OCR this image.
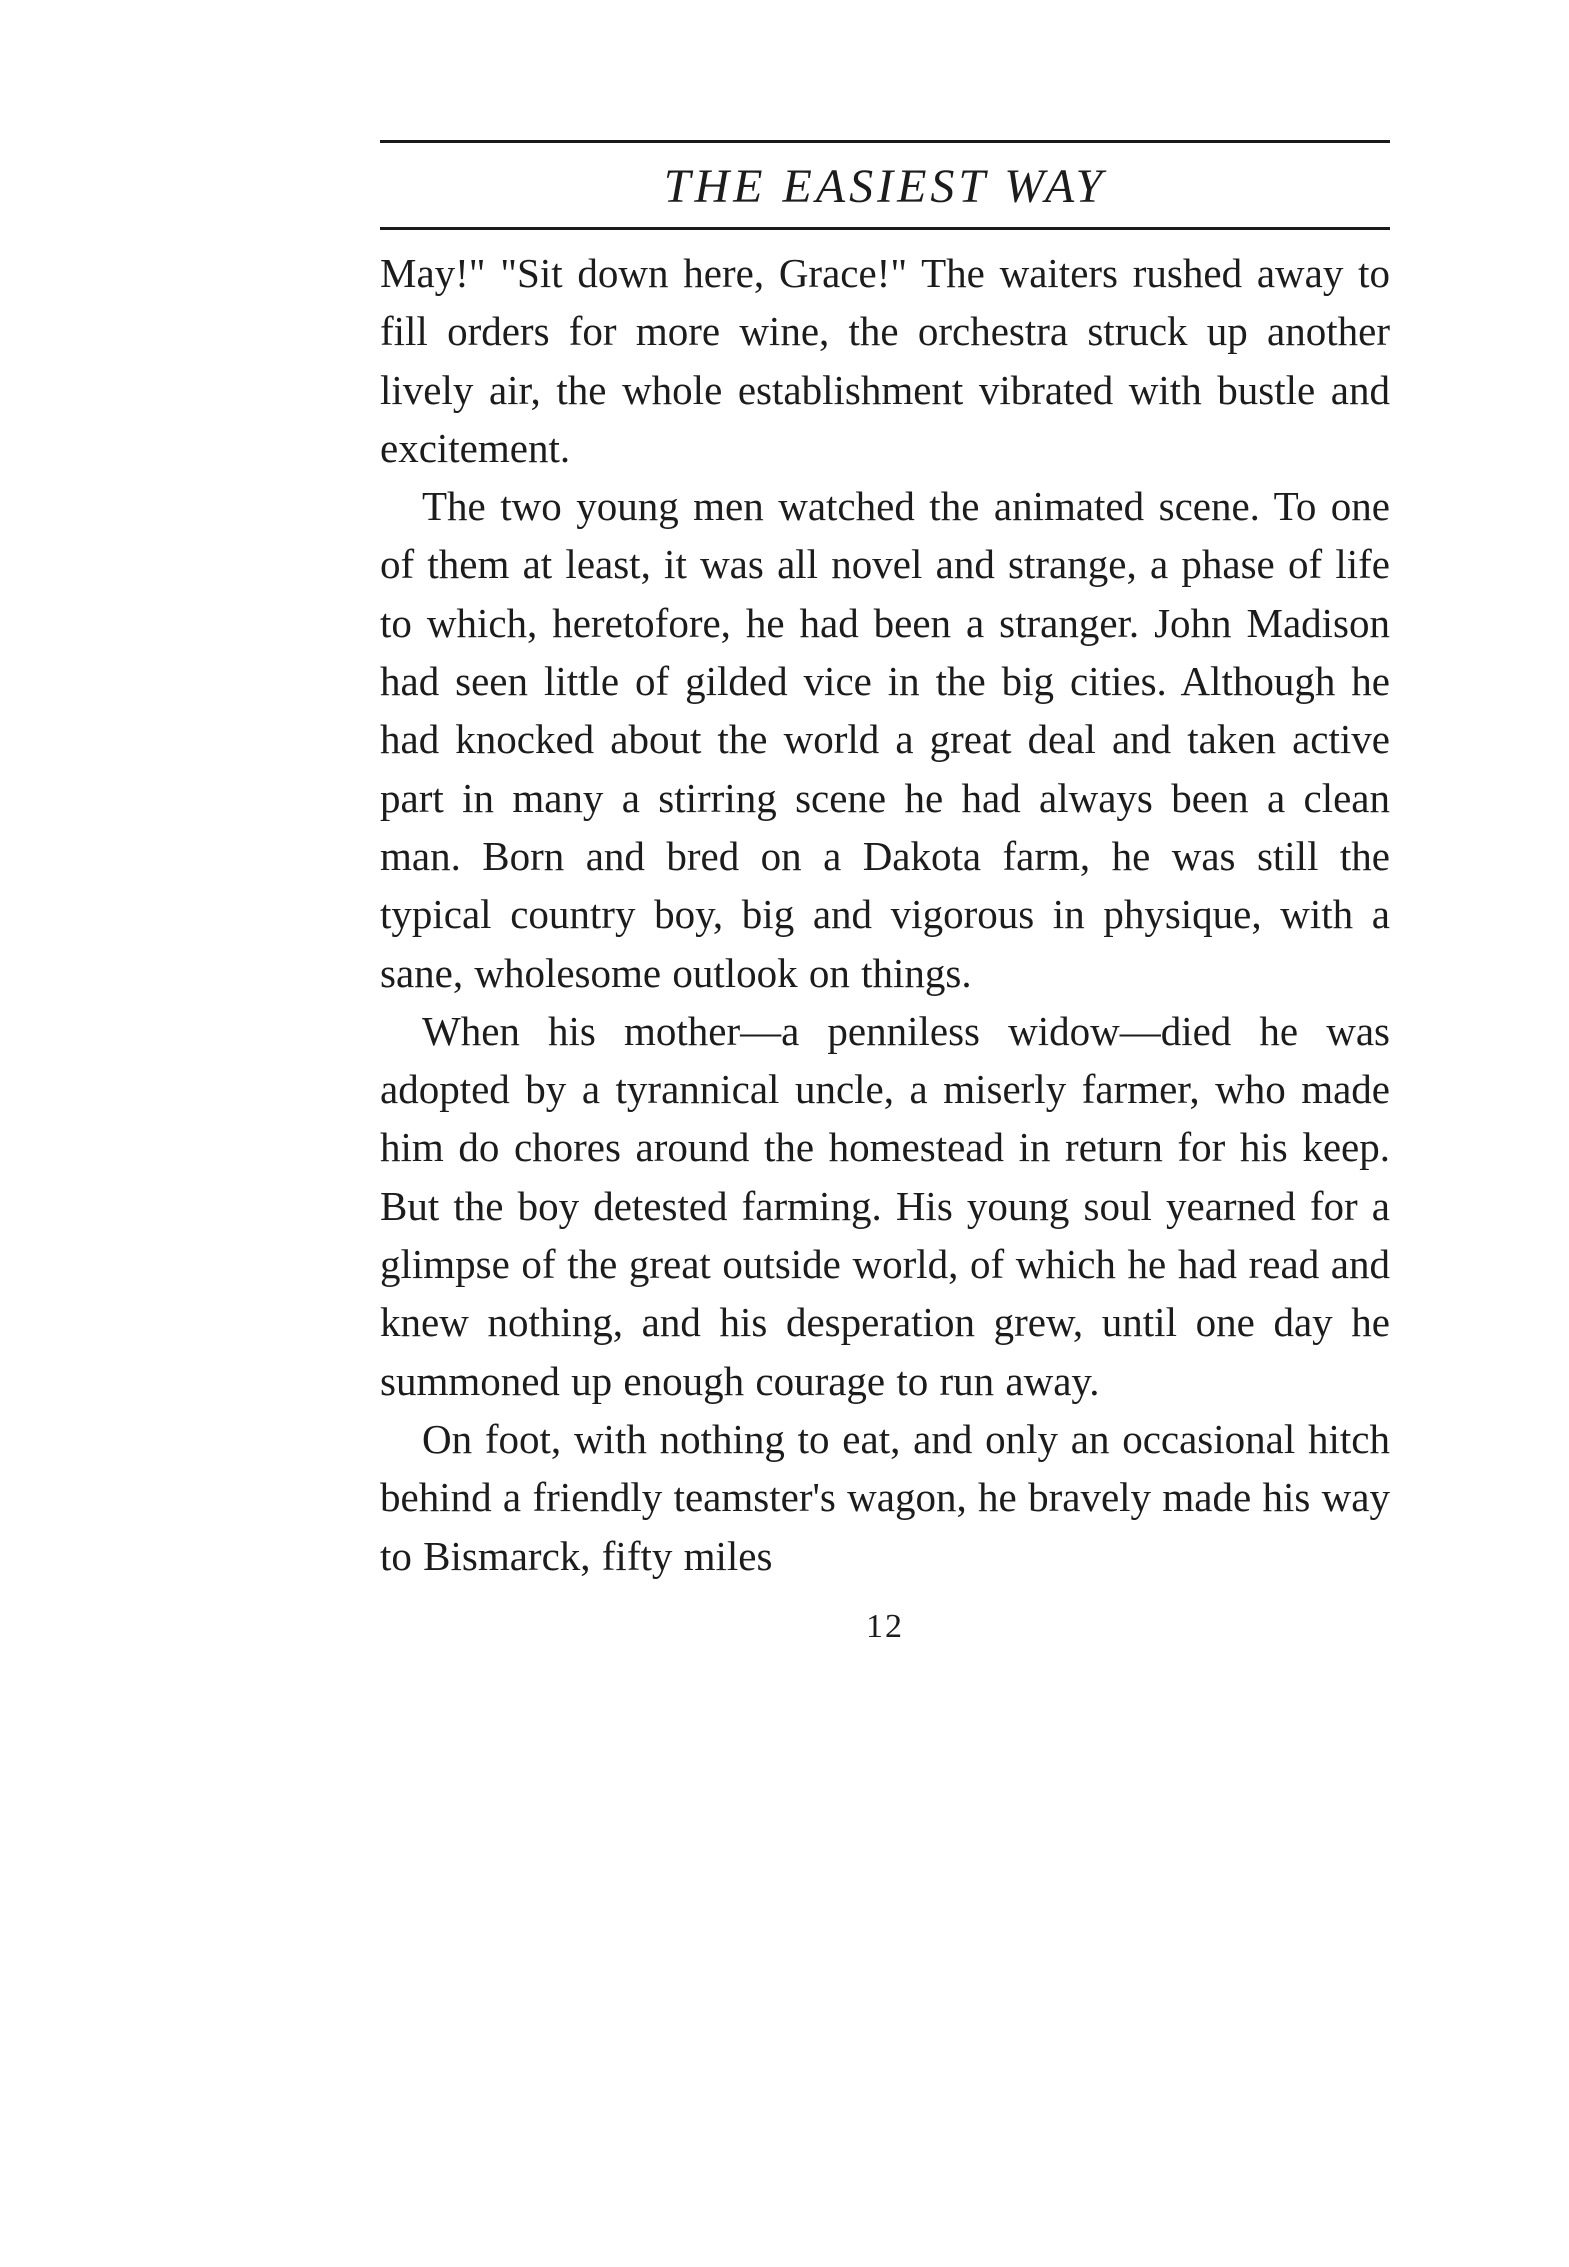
THE EASIEST WAY

May!" "Sit down here, Grace!" The waiters rushed away to fill orders for more wine, the orchestra struck up another lively air, the whole establishment vibrated with bustle and excitement.

The two young men watched the animated scene. To one of them at least, it was all novel and strange, a phase of life to which, heretofore, he had been a stranger. John Madison had seen little of gilded vice in the big cities. Although he had knocked about the world a great deal and taken active part in many a stirring scene he had always been a clean man. Born and bred on a Dakota farm, he was still the typical country boy, big and vigorous in physique, with a sane, wholesome outlook on things.

When his mother—a penniless widow—died he was adopted by a tyrannical uncle, a miserly farmer, who made him do chores around the homestead in return for his keep. But the boy detested farming. His young soul yearned for a glimpse of the great outside world, of which he had read and knew nothing, and his desperation grew, until one day he summoned up enough courage to run away.

On foot, with nothing to eat, and only an occasional hitch behind a friendly teamster's wagon, he bravely made his way to Bismarck, fifty miles

12
